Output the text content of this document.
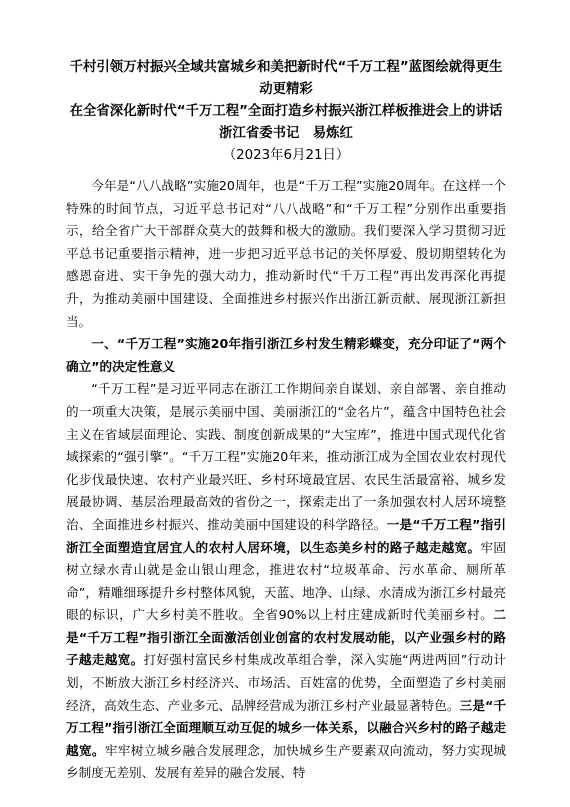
千村引领万村振兴全域共富城乡和美把新时代“千万工程”蓝图绘就得更生动更精彩
在全省深化新时代“千万工程”全面打造乡村振兴浙江样板推进会上的讲话
浙江省委书记　易炼红
（2023年6月21日）

今年是“八八战略”实施20周年，也是“千万工程”实施20周年。在这样一个特殊的时间节点，习近平总书记对“八八战略”和“千万工程”分别作出重要指示，给全省广大干部群众莫大的鼓舞和极大的激励。我们要深入学习贯彻习近平总书记重要指示精神，进一步把习近平总书记的关怀厚爱、殷切期望转化为感恩奋进、实干争先的强大动力，推动新时代“千万工程”再出发再深化再提升，为推动美丽中国建设、全面推进乡村振兴作出浙江新贡献、展现浙江新担当。

一、“千万工程”实施20年指引浙江乡村发生精彩蝶变，充分印证了“两个确立”的决定性意义

“千万工程”是习近平同志在浙江工作期间亲自谋划、亲自部署、亲自推动的一项重大决策，是展示美丽中国、美丽浙江的“金名片”，蕴含中国特色社会主义在省域层面理论、实践、制度创新成果的“大宝库”，推进中国式现代化省域探索的“强引擎”。“千万工程”实施20年来，推动浙江成为全国农业农村现代化步伐最快速、农村产业最兴旺、乡村环境最宜居、农民生活最富裕、城乡发展最协调、基层治理最高效的省份之一，探索走出了一条加强农村人居环境整治、全面推进乡村振兴、推动美丽中国建设的科学路径。一是“千万工程”指引浙江全面塑造宜居宜人的农村人居环境，以生态美乡村的路子越走越宽。牢固树立绿水青山就是金山银山理念，推进农村“垃圾革命、污水革命、厕所革命”，精雕细琢提升乡村整体风貌，天蓝、地净、山绿、水清成为浙江乡村最亮眼的标识，广大乡村美不胜收。全省90%以上村庄建成新时代美丽乡村。二是“千万工程”指引浙江全面激活创业创富的农村发展动能，以产业强乡村的路子越走越宽。打好强村富民乡村集成改革组合拳，深入实施“两进两回”行动计划，不断放大浙江乡村经济兴、市场活、百姓富的优势，全面塑造了乡村美丽经济，高效生态、产业多元、品牌经营成为浙江乡村产业最显著特色。三是“千万工程”指引浙江全面理顺互动互促的城乡一体关系，以融合兴乡村的路子越走越宽。牢牢树立城乡融合发展理念，加快城乡生产要素双向流动，努力实现城乡制度无差别、发展有差异的融合发展、特
